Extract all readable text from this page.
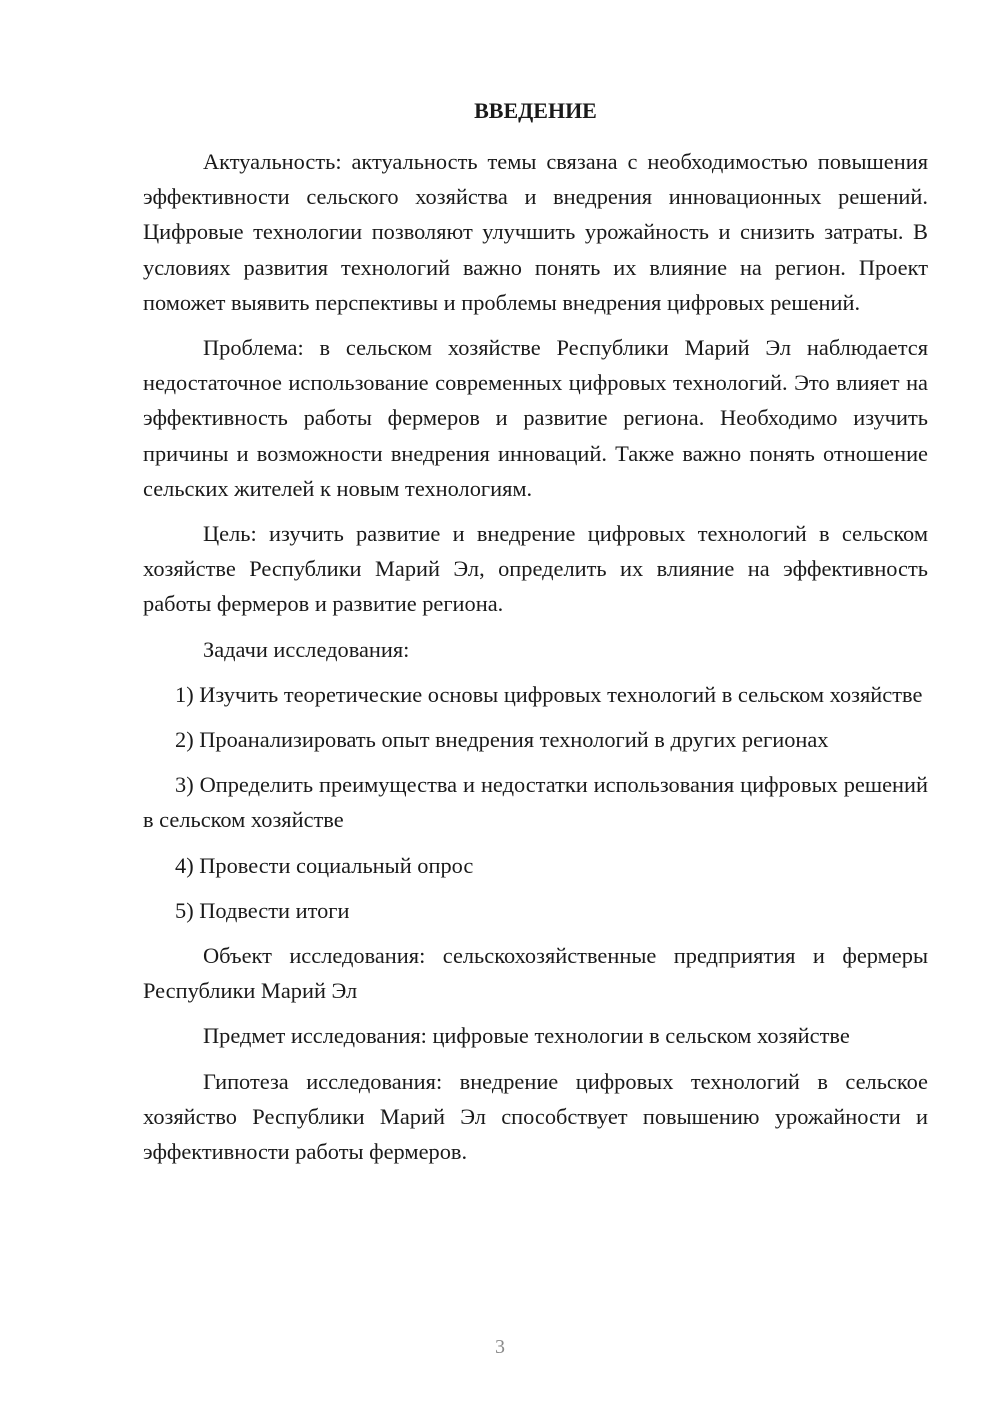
ВВЕДЕНИЕ

Актуальность: актуальность темы связана с необходимостью повышения эффективности сельского хозяйства и внедрения инновационных решений. Цифровые технологии позволяют улучшить урожайность и снизить затраты. В условиях развития технологий важно понять их влияние на регион. Проект поможет выявить перспективы и проблемы внедрения цифровых решений.

Проблема: в сельском хозяйстве Республики Марий Эл наблюдается недостаточное использование современных цифровых технологий. Это влияет на эффективность работы фермеров и развитие региона. Необходимо изучить причины и возможности внедрения инноваций. Также важно понять отношение сельских жителей к новым технологиям.

Цель: изучить развитие и внедрение цифровых технологий в сельском хозяйстве Республики Марий Эл, определить их влияние на эффективность работы фермеров и развитие региона.

Задачи исследования:

1) Изучить теоретические основы цифровых технологий в сельском хозяйстве

2) Проанализировать опыт внедрения технологий в других регионах

3) Определить преимущества и недостатки использования цифровых решений в сельском хозяйстве

4) Провести социальный опрос

5) Подвести итоги

Объект исследования: сельскохозяйственные предприятия и фермеры Республики Марий Эл

Предмет исследования: цифровые технологии в сельском хозяйстве

Гипотеза исследования: внедрение цифровых технологий в сельское хозяйство Республики Марий Эл способствует повышению урожайности и эффективности работы фермеров.

3
